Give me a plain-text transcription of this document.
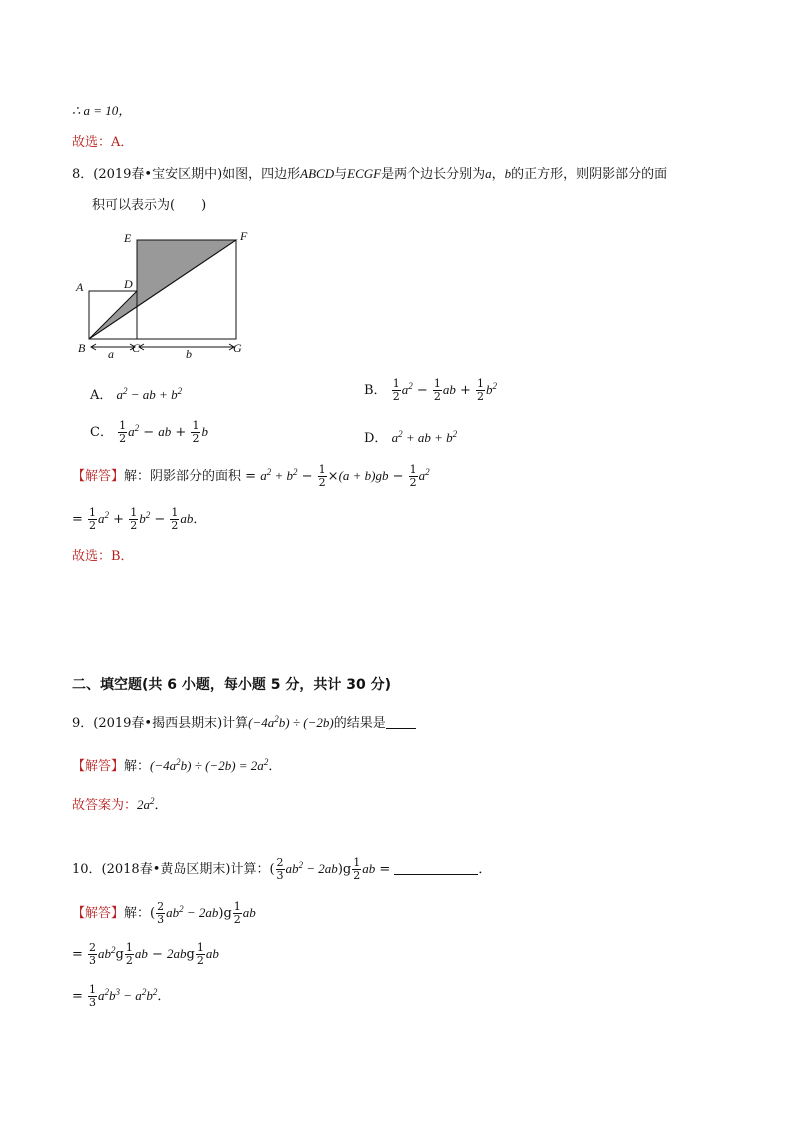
∴ a = 10，
故选：A．
8．(2019春•宝安区期中)如图，四边形ABCD与ECGF是两个边长分别为a，b的正方形，则阴影部分的面
积可以表示为(　　)
E	F
A	D
B	C	G
a	b
A． $a^2$ − ab + $b^2$	B． $\frac{1}{2} a^2 - \frac{1}{2}$ ab + $\frac{1}{2} b^2$
C． $\frac{1}{2} a^2$ − ab + $\frac{1}{2}$ b	D． $a^2$ + ab + $b^2$
【解答】解：阴影部分的面积 = $a^2 + b^2 - \frac{1}{2} \times(a + b)gb - \frac{1}{2} a^2$
= $\frac{1}{2} a^2 + \frac{1}{2} b^2 - \frac{1}{2}$ ab．
故选：B．
二、填空题(共 6 小题，每小题 5 分，共计 30 分)
9．(2019春•揭西县期末)计算$(-4a^2b) \div (-2b)$的结果是
【解答】解：$(-4a^2b) \div (-2b) = 2a^2$．
故答案为：$2a^2$．
10．(2018春•黄岛区期末)计算：( $\frac{2}{3} ab^2 - 2ab)g \frac{1}{2}$ ab =	．
【解答】解：( $\frac{2}{3} ab^2 - 2ab)g \frac{1}{2}$ ab
= $\frac{2}{3} ab^2g \frac{1}{2}$ ab − $2abg \frac{1}{2}$ ab
= $\frac{1}{3} a^2b^3 - a^2b^2$．
